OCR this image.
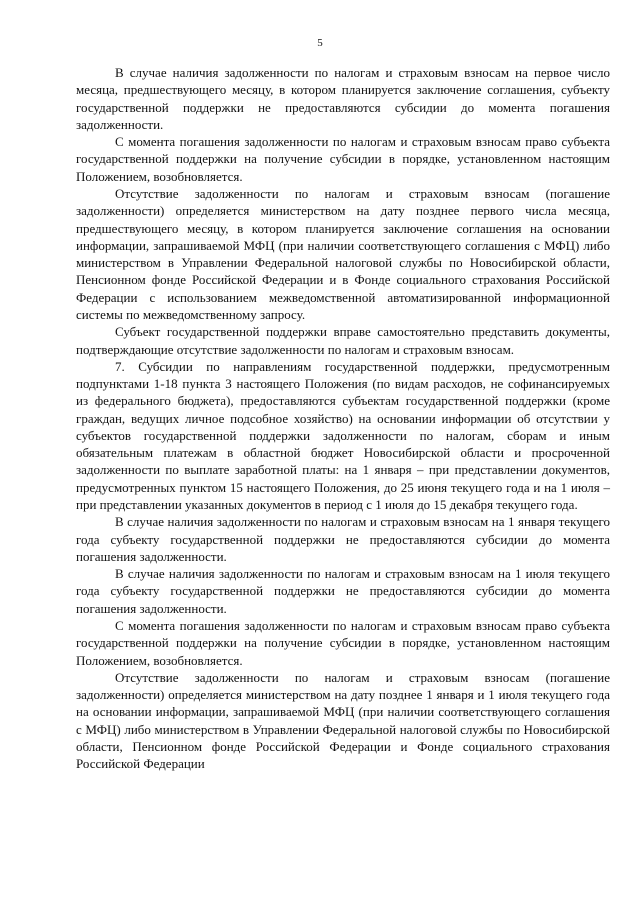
5

В случае наличия задолженности по налогам и страховым взносам на первое число месяца, предшествующего месяцу, в котором планируется заключение соглашения, субъекту государственной поддержки не предоставляются субсидии до момента погашения задолженности.

С момента погашения задолженности по налогам и страховым взносам право субъекта государственной поддержки на получение субсидии в порядке, установленном настоящим Положением, возобновляется.

Отсутствие задолженности по налогам и страховым взносам (погашение задолженности) определяется министерством на дату позднее первого числа месяца, предшествующего месяцу, в котором планируется заключение соглашения на основании информации, запрашиваемой МФЦ (при наличии соответствующего соглашения с МФЦ) либо министерством в Управлении Федеральной налоговой службы по Новосибирской области, Пенсионном фонде Российской Федерации и в Фонде социального страхования Российской Федерации с использованием межведомственной автоматизированной информационной системы по межведомственному запросу.

Субъект государственной поддержки вправе самостоятельно представить документы, подтверждающие отсутствие задолженности по налогам и страховым взносам.

7. Субсидии по направлениям государственной поддержки, предусмотренным подпунктами 1-18 пункта 3 настоящего Положения (по видам расходов, не софинансируемых из федерального бюджета), предоставляются субъектам государственной поддержки (кроме граждан, ведущих личное подсобное хозяйство) на основании информации об отсутствии у субъектов государственной поддержки задолженности по налогам, сборам и иным обязательным платежам в областной бюджет Новосибирской области и просроченной задолженности по выплате заработной платы: на 1 января – при представлении документов, предусмотренных пунктом 15 настоящего Положения, до 25 июня текущего года и на 1 июля – при представлении указанных документов в период с 1 июля до 15 декабря текущего года.

В случае наличия задолженности по налогам и страховым взносам на 1 января текущего года субъекту государственной поддержки не предоставляются субсидии до момента погашения задолженности.

В случае наличия задолженности по налогам и страховым взносам на 1 июля текущего года субъекту государственной поддержки не предоставляются субсидии до момента погашения задолженности.

С момента погашения задолженности по налогам и страховым взносам право субъекта государственной поддержки на получение субсидии в порядке, установленном настоящим Положением, возобновляется.

Отсутствие задолженности по налогам и страховым взносам (погашение задолженности) определяется министерством на дату позднее 1 января и 1 июля текущего года на основании информации, запрашиваемой МФЦ (при наличии соответствующего соглашения с МФЦ) либо министерством в Управлении Федеральной налоговой службы по Новосибирской области, Пенсионном фонде Российской Федерации и Фонде социального страхования Российской Федерации
